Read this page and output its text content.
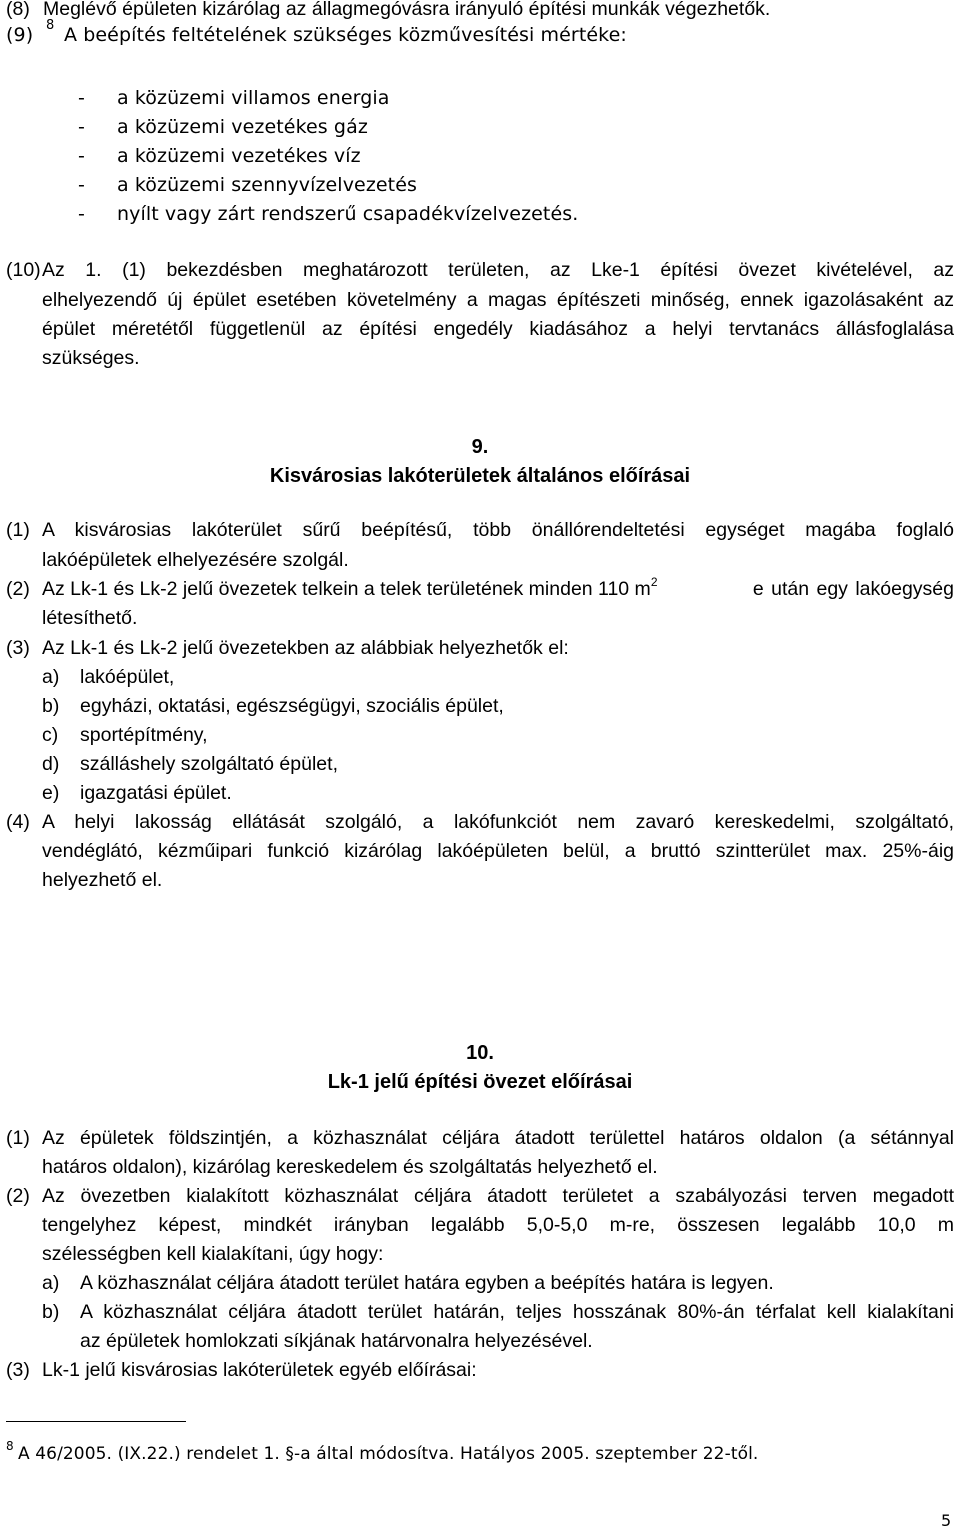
(8) Meglévő épületen kizárólag az állagmegóvásra irányuló építési munkák végezhetők.
(9) 8 A beépítés feltételének szükséges közművesítési mértéke:
- a közüzemi villamos energia
- a közüzemi vezetékes gáz
- a közüzemi vezetékes víz
- a közüzemi szennyvízelvezetés
- nyílt vagy zárt rendszerű csapadékvízelvezetés.
(10) Az 1. (1) bekezdésben meghatározott területen, az Lke-1 építési övezet kivételével, az
elhelyezendő új épület esetében követelmény a magas építészeti minőség, ennek igazolásaként az
épület méretétől függetlenül az építési engedély kiadásához a helyi tervtanács állásfoglalása
szükséges.
9.
Kisvárosias lakóterületek általános előírásai
(1) A kisvárosias lakóterület sűrű beépítésű, több önállórendeltetési egységet magába foglaló
lakóépületek elhelyezésére szolgál.
(2) Az Lk-1 és Lk-2 jelű övezetek telkein a telek területének minden 110 $m^2$	e után egy lakóegység
létesíthető.
(3) Az Lk-1 és Lk-2 jelű övezetekben az alábbiak helyezhetők el:
a) lakóépület,
b) egyházi, oktatási, egészségügyi, szociális épület,
c) sportépítmény,
d) szálláshely szolgáltató épület,
e) igazgatási épület.
(4) A helyi lakosság ellátását szolgáló, a lakófunkciót nem zavaró kereskedelmi, szolgáltató,
vendéglátó, kézműipari funkció kizárólag lakóépületen belül, a bruttó szintterület max. 25%-áig
helyezhető el.
10.
Lk-1 jelű építési övezet előírásai
(1) Az épületek földszintjén, a közhasználat céljára átadott területtel határos oldalon (a sétánnyal
határos oldalon), kizárólag kereskedelem és szolgáltatás helyezhető el.
(2) Az övezetben kialakított közhasználat céljára átadott területet a szabályozási terven megadott
tengelyhez képest, mindkét irányban legalább 5,0-5,0 m-re, összesen legalább 10,0 m
szélességben kell kialakítani, úgy hogy:
a) A közhasználat céljára átadott terület határa egyben a beépítés határa is legyen.
b) A közhasználat céljára átadott terület határán, teljes hosszának 80%-án térfalat kell kialakítani
az épületek homlokzati síkjának határvonalra helyezésével.
(3) Lk-1 jelű kisvárosias lakóterületek egyéb előírásai:
8 A 46/2005. (IX.22.) rendelet 1. §-a által módosítva. Hatályos 2005. szeptember 22-től.
5
